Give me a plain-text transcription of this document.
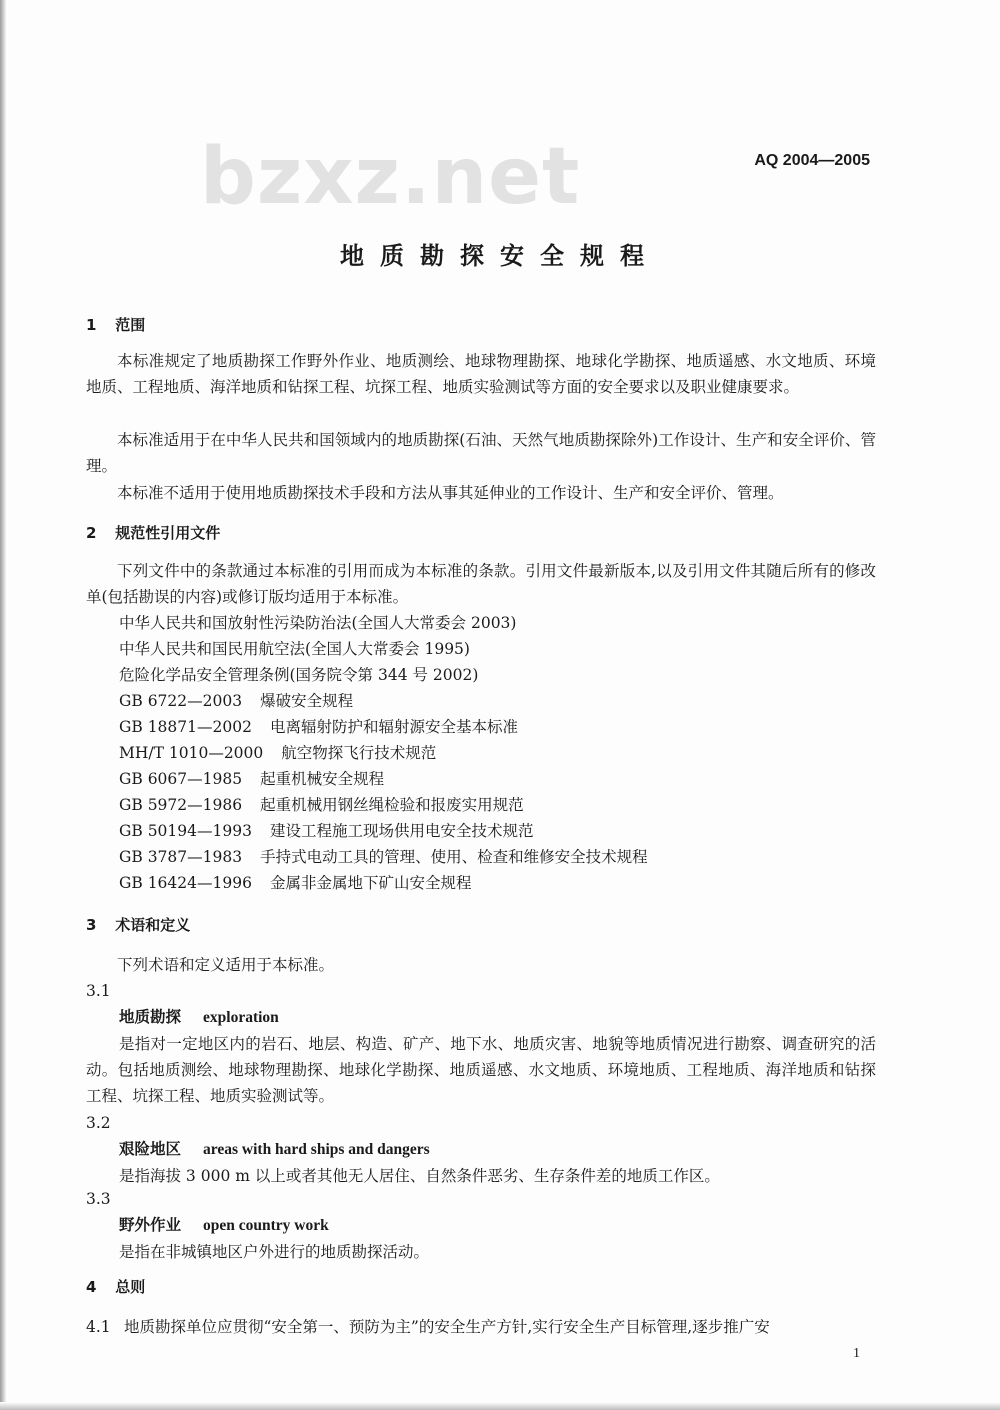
bzxz.net	AQ 2004—2005
地质勘探安全规程
1 范围
本标准规定了地质勘探工作野外作业、地质测绘、地球物理勘探、地球化学勘探、地质遥感、水文地质、环境地质、工程地质、海洋地质和钻探工程、坑探工程、地质实验测试等方面的安全要求以及职业健康要求。
本标准适用于在中华人民共和国领域内的地质勘探(石油、天然气地质勘探除外)工作设计、生产和安全评价、管理。
本标准不适用于使用地质勘探技术手段和方法从事其延伸业的工作设计、生产和安全评价、管理。
2 规范性引用文件
下列文件中的条款通过本标准的引用而成为本标准的条款。引用文件最新版本,以及引用文件其随后所有的修改单(包括勘误的内容)或修订版均适用于本标准。
中华人民共和国放射性污染防治法(全国人大常委会 2003)
中华人民共和国民用航空法(全国人大常委会 1995)
危险化学品安全管理条例(国务院令第 344 号 2002)
GB 6722—2003 爆破安全规程
GB 18871—2002 电离辐射防护和辐射源安全基本标准
MH/T 1010—2000 航空物探飞行技术规范
GB 6067—1985 起重机械安全规程
GB 5972—1986 起重机械用钢丝绳检验和报废实用规范
GB 50194—1993 建设工程施工现场供用电安全技术规范
GB 3787—1983 手持式电动工具的管理、使用、检查和维修安全技术规程
GB 16424—1996 金属非金属地下矿山安全规程
3 术语和定义
下列术语和定义适用于本标准。
3.1
地质勘探 exploration
是指对一定地区内的岩石、地层、构造、矿产、地下水、地质灾害、地貌等地质情况进行勘察、调查研究的活动。包括地质测绘、地球物理勘探、地球化学勘探、地质遥感、水文地质、环境地质、工程地质、海洋地质和钻探工程、坑探工程、地质实验测试等。
3.2
艰险地区 areas with hard ships and dangers
是指海拔 3 000 m 以上或者其他无人居住、自然条件恶劣、生存条件差的地质工作区。
3.3
野外作业 open country work
是指在非城镇地区户外进行的地质勘探活动。
4 总则
4.1 地质勘探单位应贯彻“安全第一、预防为主”的安全生产方针,实行安全生产目标管理,逐步推广安
1
